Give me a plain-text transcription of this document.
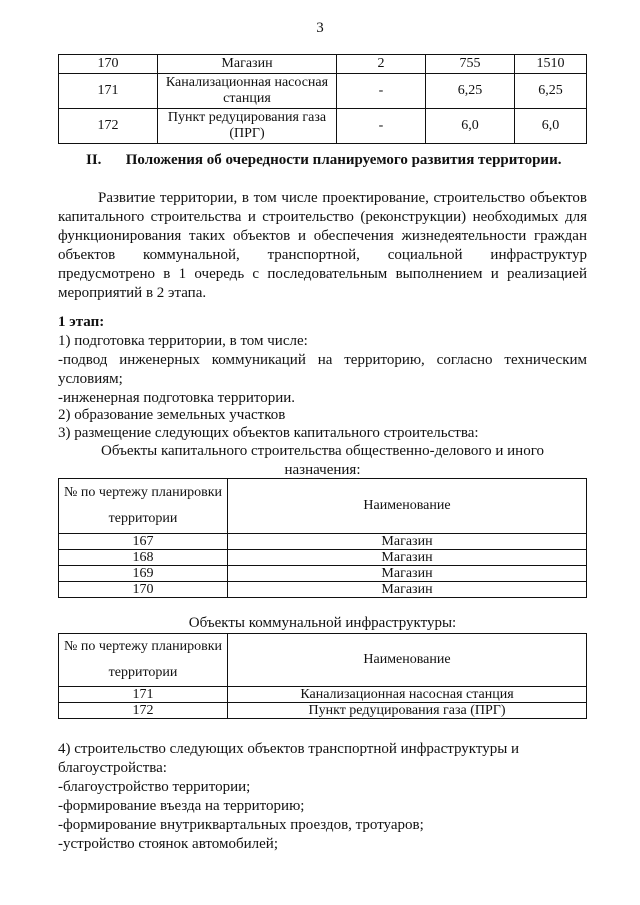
3
170	Магазин	2	755	1510
171	Канализационная насосная станция	-	6,25	6,25
172	Пункт редуцирования газа (ПРГ)	-	6,0	6,0
II. Положения об очередности планируемого развития территории.
Развитие территории, в том числе проектирование, строительство объектов капитального строительства и строительство (реконструкции) необходимых для функционирования таких объектов и обеспечения жизнедеятельности граждан объектов коммунальной, транспортной, социальной инфраструктур предусмотрено в 1 очередь с последовательным выполнением и реализацией мероприятий в 2 этапа.
1 этап:
1) подготовка территории, в том числе:
-подвод инженерных коммуникаций на территорию, согласно техническим условиям;
-инженерная подготовка территории.
2) образование земельных участков
3) размещение следующих объектов капитального строительства:
Объекты капитального строительства общественно-делового и иного назначения:
№ по чертежу планировки территории	Наименование
167	Магазин
168	Магазин
169	Магазин
170	Магазин
Объекты коммунальной инфраструктуры:
№ по чертежу планировки территории	Наименование
171	Канализационная насосная станция
172	Пункт редуцирования газа (ПРГ)
4) строительство следующих объектов транспортной инфраструктуры и благоустройства:
-благоустройство территории;
-формирование въезда на территорию;
-формирование внутриквартальных проездов, тротуаров;
-устройство стоянок автомобилей;
